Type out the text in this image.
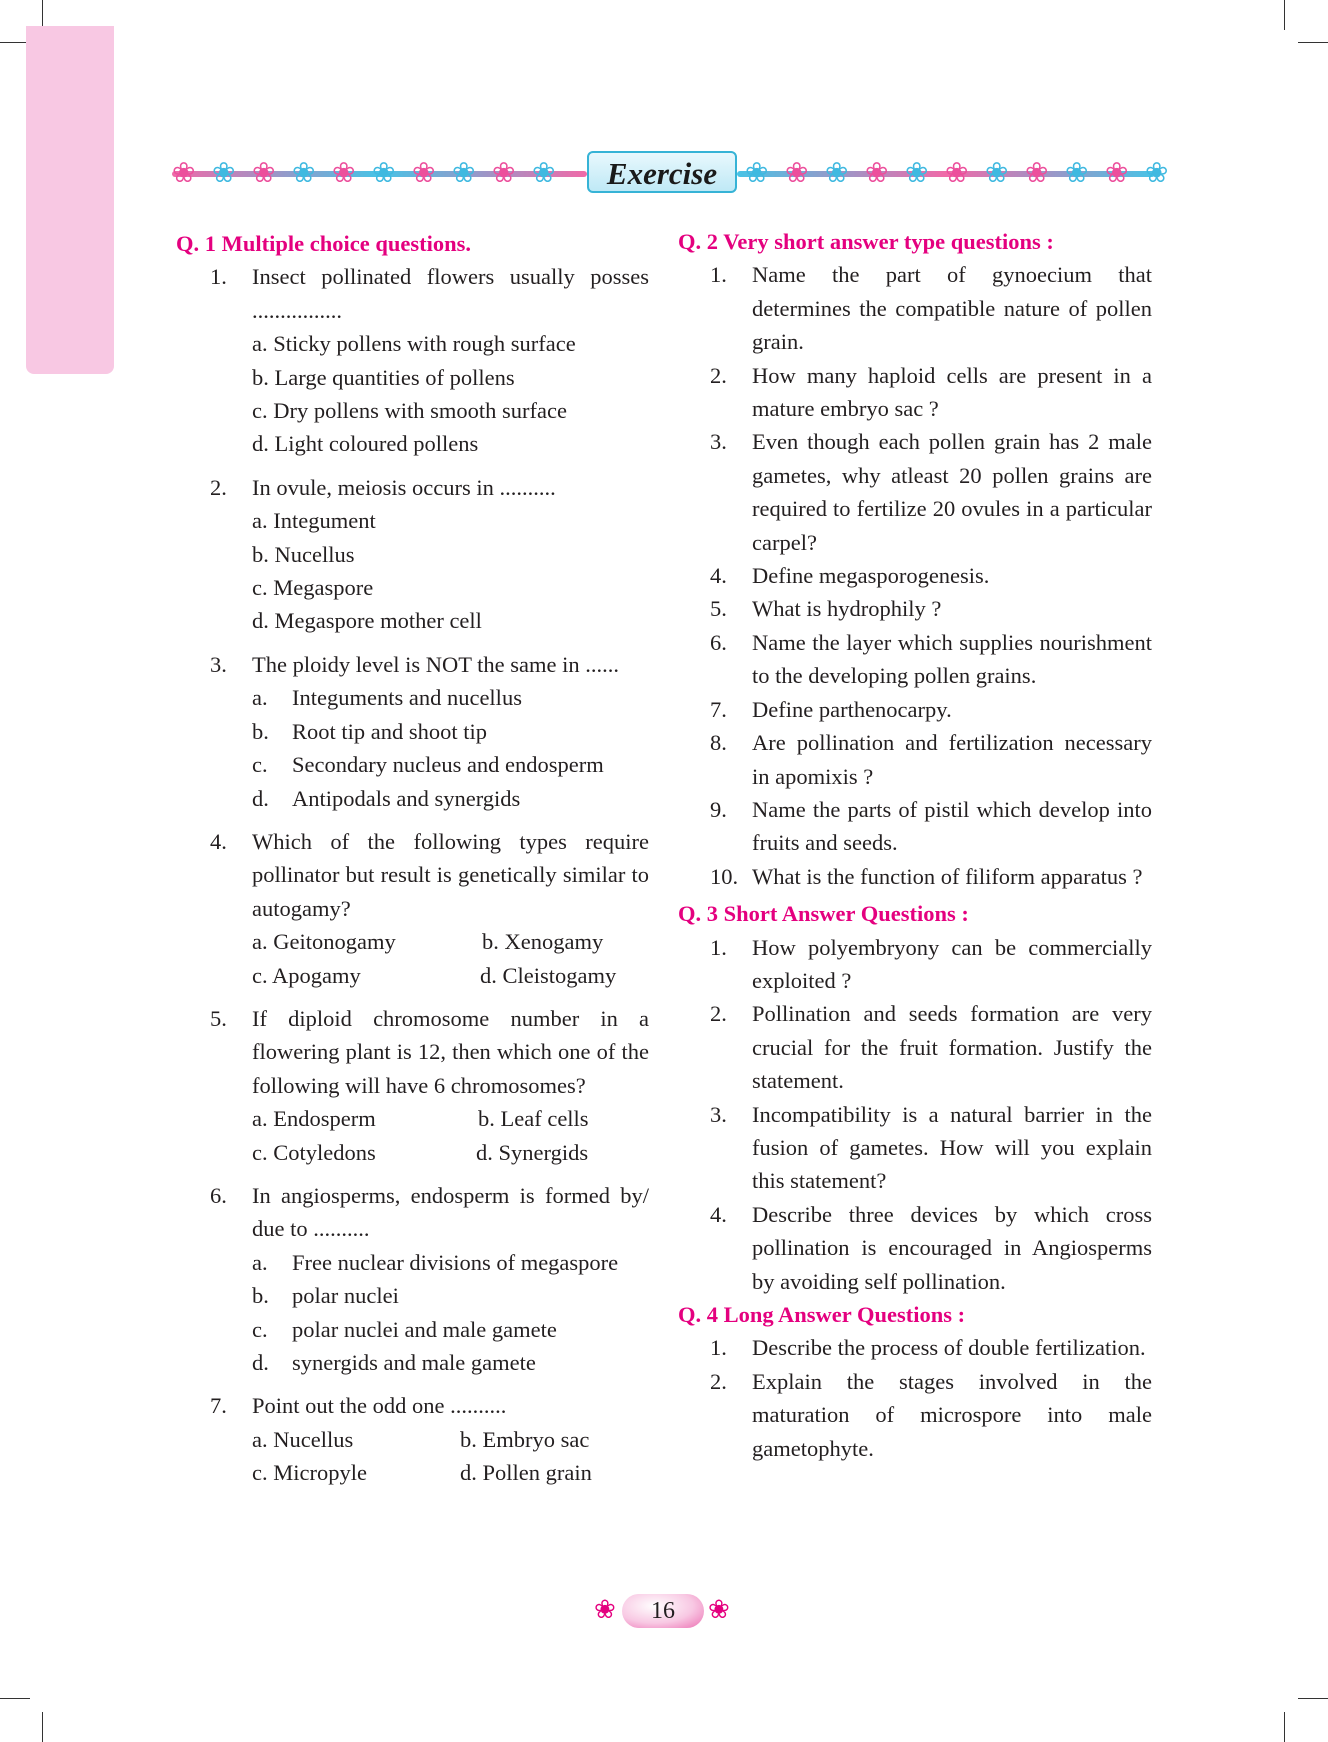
❀ ❀ ❀ ❀ ❀ ❀ ❀ ❀ ❀ ❀	❀ ❀ ❀ ❀ ❀ ❀ ❀ ❀ ❀ ❀ ❀
Exercise
Q. 1 Multiple choice questions.
1. Insect pollinated flowers usually posses ................
a. Sticky pollens with rough surface
b. Large quantities of pollens
c. Dry pollens with smooth surface
d. Light coloured pollens
2. In ovule, meiosis occurs in ..........
a. Integument
b. Nucellus
c. Megaspore
d. Megaspore mother cell
3. The ploidy level is NOT the same in ......
a. Integuments and nucellus
b. Root tip and shoot tip
c. Secondary nucleus and endosperm
d. Antipodals and synergids
4. Which of the following types require pollinator but result is genetically similar to autogamy?
a. Geitonogamy	b. Xenogamy
c. Apogamy	d. Cleistogamy
5. If diploid chromosome number in a flowering plant is 12, then which one of the following will have 6 chromosomes?
a. Endosperm	b. Leaf cells
c. Cotyledons	d. Synergids
6. In angiosperms, endosperm is formed by/ due to ..........
a. Free nuclear divisions of megaspore
b. polar nuclei
c. polar nuclei and male gamete
d. synergids and male gamete
7. Point out the odd one ..........
a. Nucellus	b. Embryo sac
c. Micropyle	d. Pollen grain
Q. 2 Very short answer type questions :
1. Name the part of gynoecium that determines the compatible nature of pollen grain.
2. How many haploid cells are present in a mature embryo sac ?
3. Even though each pollen grain has 2 male gametes, why atleast 20 pollen grains are required to fertilize 20 ovules in a particular carpel?
4. Define megasporogenesis.
5. What is hydrophily ?
6. Name the layer which supplies nourishment to the developing pollen grains.
7. Define parthenocarpy.
8. Are pollination and fertilization necessary in apomixis ?
9. Name the parts of pistil which develop into fruits and seeds.
10. What is the function of filiform apparatus ?
Q. 3 Short Answer Questions :
1. How polyembryony can be commercially exploited ?
2. Pollination and seeds formation are very crucial for the fruit formation. Justify the statement.
3. Incompatibility is a natural barrier in the fusion of gametes. How will you explain this statement?
4. Describe three devices by which cross pollination is encouraged in Angiosperms by avoiding self pollination.
Q. 4 Long Answer Questions :
1. Describe the process of double fertilization.
2. Explain the stages involved in the maturation of microspore into male gametophyte.
❀	16	❀
